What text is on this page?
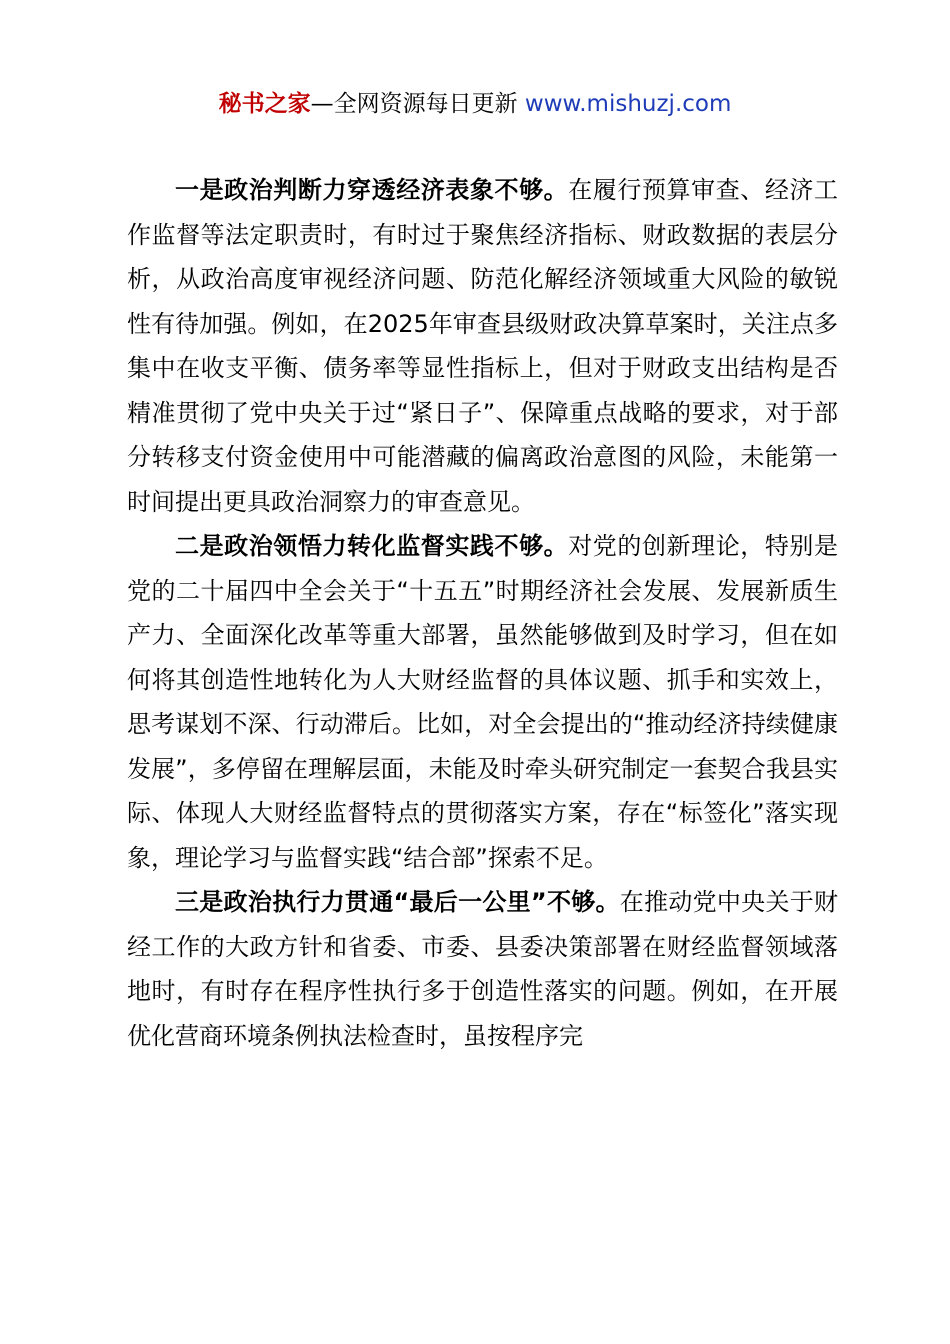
秘书之家—全网资源每日更新 www.mishuzj.com

一是政治判断力穿透经济表象不够。在履行预算审查、经济工作监督等法定职责时，有时过于聚焦经济指标、财政数据的表层分析，从政治高度审视经济问题、防范化解经济领域重大风险的敏锐性有待加强。例如，在2025年审查县级财政决算草案时，关注点多集中在收支平衡、债务率等显性指标上，但对于财政支出结构是否精准贯彻了党中央关于过“紧日子”、保障重点战略的要求，对于部分转移支付资金使用中可能潜藏的偏离政治意图的风险，未能第一时间提出更具政治洞察力的审查意见。

二是政治领悟力转化监督实践不够。对党的创新理论，特别是党的二十届四中全会关于“十五五”时期经济社会发展、发展新质生产力、全面深化改革等重大部署，虽然能够做到及时学习，但在如何将其创造性地转化为人大财经监督的具体议题、抓手和实效上，思考谋划不深、行动滞后。比如，对全会提出的“推动经济持续健康发展”，多停留在理解层面，未能及时牵头研究制定一套契合我县实际、体现人大财经监督特点的贯彻落实方案，存在“标签化”落实现象，理论学习与监督实践“结合部”探索不足。

三是政治执行力贯通“最后一公里”不够。在推动党中央关于财经工作的大政方针和省委、市委、县委决策部署在财经监督领域落地时，有时存在程序性执行多于创造性落实的问题。例如，在开展优化营商环境条例执法检查时，虽按程序完
